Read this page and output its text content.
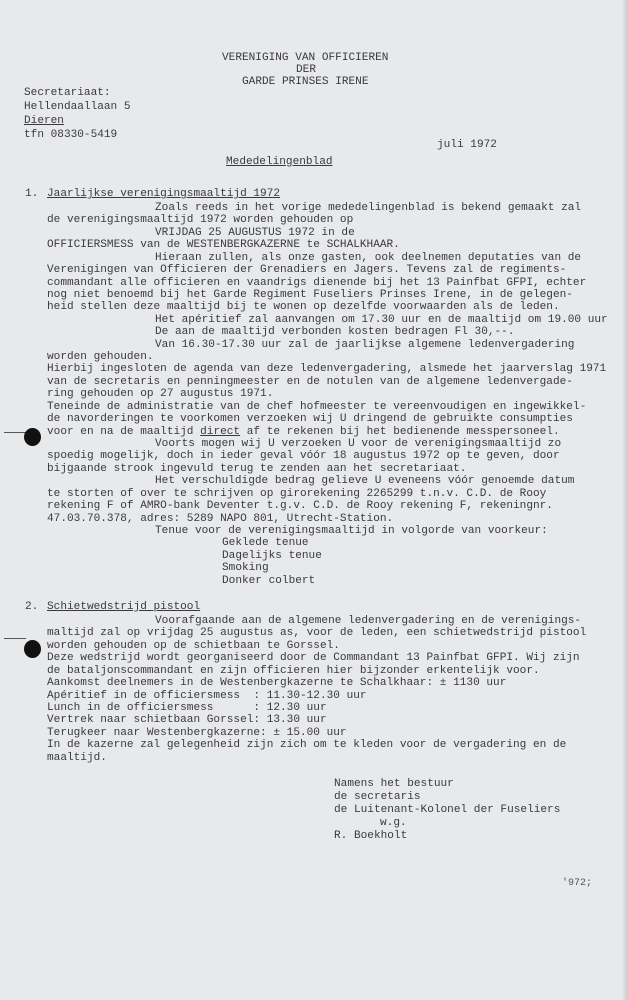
VERENIGING VAN OFFICIEREN
DER
GARDE PRINSES IRENE
Secretariaat:
Hellendaallaan 5
Dieren
tfn 08330-5419
juli 1972
Mededelingenblad
1. Jaarlijkse verenigingsmaaltijd 1972
Zoals reeds in het vorige mededelingenblad is bekend gemaakt zal
de verenigingsmaaltijd 1972 worden gehouden op
VRIJDAG 25 AUGUSTUS 1972 in de
OFFICIERSMESS van de WESTENBERGKAZERNE te SCHALKHAAR.
Hieraan zullen, als onze gasten, ook deelnemen deputaties van de
Verenigingen van Officieren der Grenadiers en Jagers. Tevens zal de regiments-
commandant alle officieren en vaandrigs dienende bij het 13 Painfbat GFPI, echter
nog niet benoemd bij het Garde Regiment Fuseliers Prinses Irene, in de gelegen-
heid stellen deze maaltijd bij te wonen op dezelfde voorwaarden als de leden.
Het apéritief zal aanvangen om 17.30 uur en de maaltijd om 19.00 uur
De aan de maaltijd verbonden kosten bedragen Fl 30,--.
Van 16.30-17.30 uur zal de jaarlijkse algemene ledenvergadering
worden gehouden.
Hierbij ingesloten de agenda van deze ledenvergadering, alsmede het jaarverslag 1971
van de secretaris en penningmeester en de notulen van de algemene ledenvergade-
ring gehouden op 27 augustus 1971.
Teneinde de administratie van de chef hofmeester te vereenvoudigen en ingewikkel-
de navorderingen te voorkomen verzoeken wij U dringend de gebruikte consumpties
Voorts mogen wij U verzoeken U voor de verenigingsmaaltijd zo
spoedig mogelijk, doch in ieder geval vóór 18 augustus 1972 op te geven, door
bijgaande strook ingevuld terug te zenden aan het secretariaat.
Het verschuldigde bedrag gelieve U eveneens vóór genoemde datum
te storten of over te schrijven op girorekening 2265299 t.n.v. C.D. de Rooy
rekening F of AMRO-bank Deventer t.g.v. C.D. de Rooy rekening F, rekeningnr.
47.03.70.378, adres: 5289 NAPO 801, Utrecht-Station.
Tenue voor de verenigingsmaaltijd in volgorde van voorkeur:
Geklede tenue
Dagelijks tenue
Smoking
Donker colbert
voor en na de maaltijd direct af te rekenen bij het bedienende messpersoneel.
2. Schietwedstrijd pistool
Voorafgaande aan de algemene ledenvergadering en de verenigings-
maltijd zal op vrijdag 25 augustus as, voor de leden, een schietwedstrijd pistool
worden gehouden op de schietbaan te Gorssel.
Deze wedstrijd wordt georganiseerd door de Commandant 13 Painfbat GFPI. Wij zijn
de bataljonscommandant en zijn officieren hier bijzonder erkentelijk voor.
Aankomst deelnemers in de Westenbergkazerne te Schalkhaar: ± 1130 uur
Apéritief in de officiersmess  : 11.30-12.30 uur
Lunch in de officiersmess      : 12.30 uur
Vertrek naar schietbaan Gorssel: 13.30 uur
Terugkeer naar Westenbergkazerne: ± 15.00 uur
In de kazerne zal gelegenheid zijn zich om te kleden voor de vergadering en de
maaltijd.
Namens het bestuur
de secretaris
de Luitenant-Kolonel der Fuseliers
w.g.
R. Boekholt
'972;
